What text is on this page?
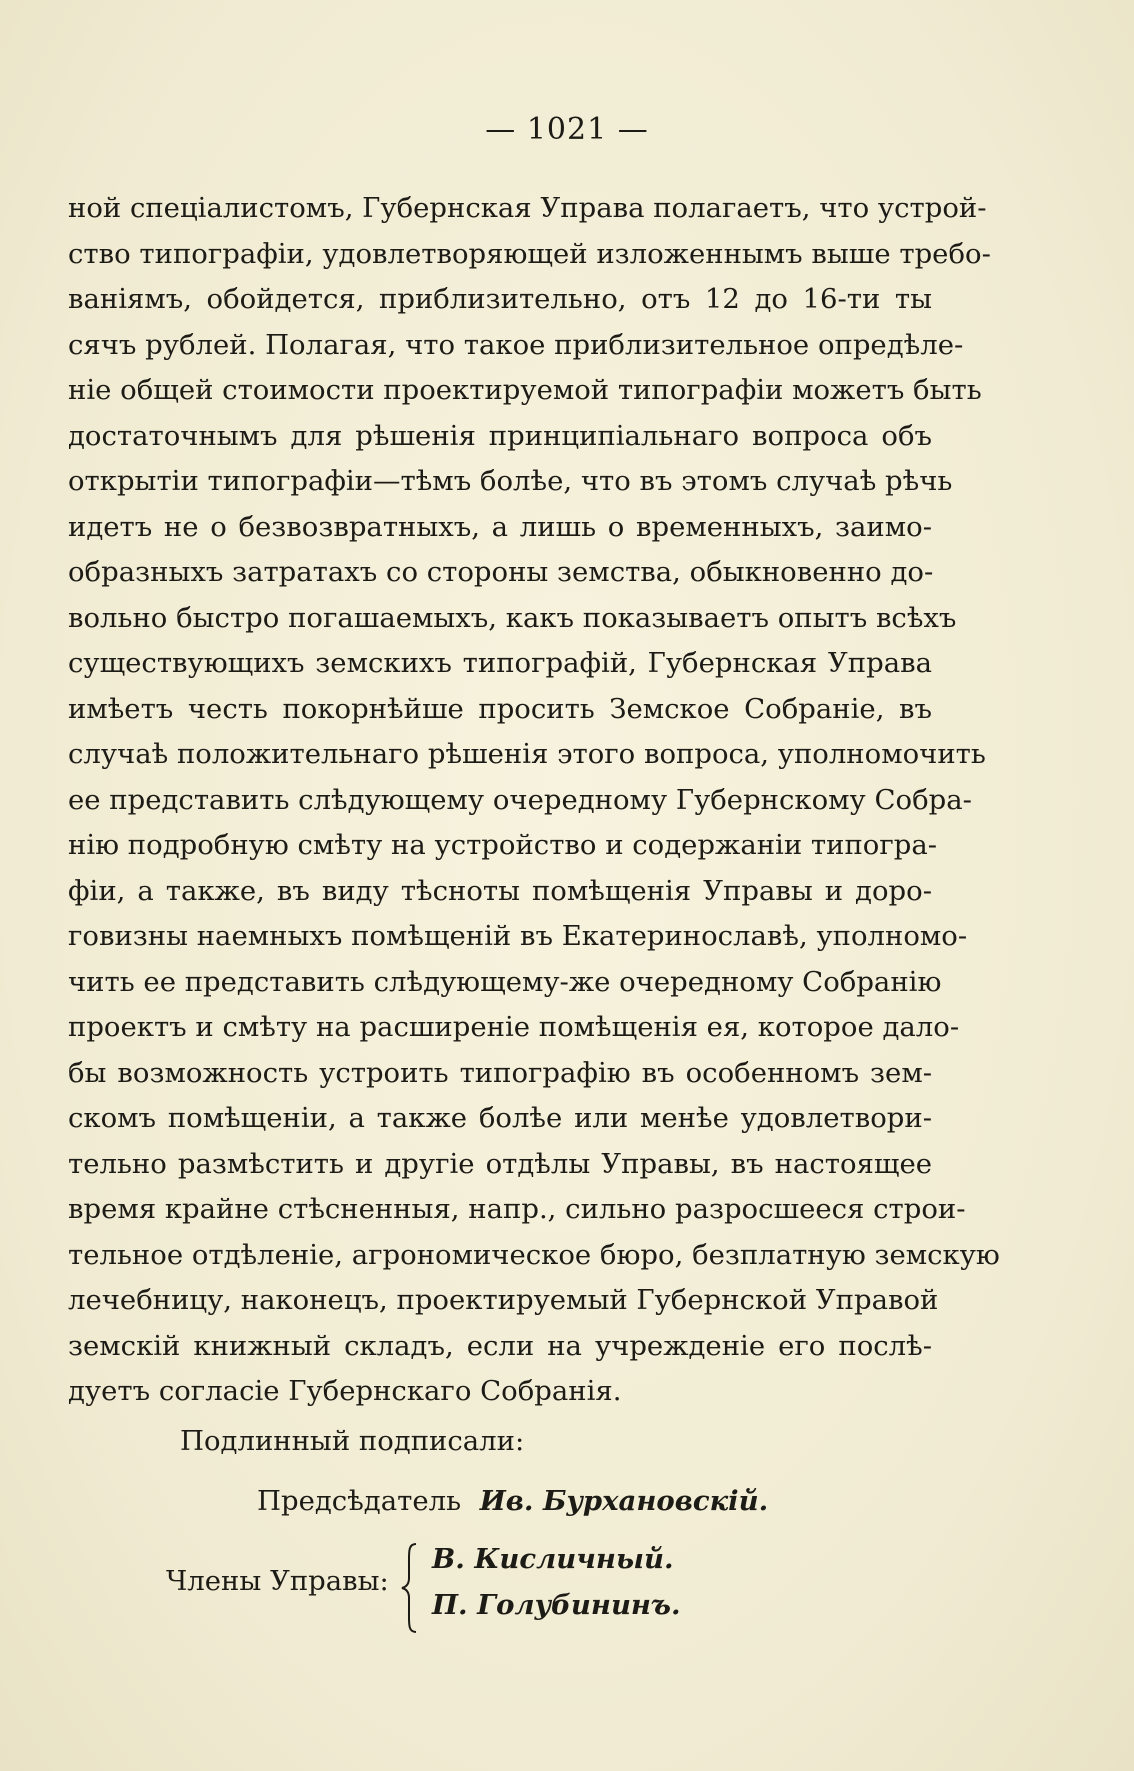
— 1021 —
ной спеціалистомъ, Губернская Управа полагаетъ, что устрой-
ство типографіи, удовлетворяющей изложеннымъ выше требо-
ваніямъ, обойдется, приблизительно, отъ 12 до 16-ти ты
сячъ рублей. Полагая, что такое приблизительное опредѣле-
ніе общей стоимости проектируемой типографіи можетъ быть
достаточнымъ для рѣшенія принципіальнаго вопроса объ
открытіи типографіи—тѣмъ болѣе, что въ этомъ случаѣ рѣчь
идетъ не о безвозвратныхъ, а лишь о временныхъ, заимо-
образныхъ затратахъ со стороны земства, обыкновенно до-
вольно быстро погашаемыхъ, какъ показываетъ опытъ всѣхъ
существующихъ земскихъ типографій, Губернская Управа
имѣетъ честь покорнѣйше просить Земское Собраніе, въ
случаѣ положительнаго рѣшенія этого вопроса, уполномочить
ее представить слѣдующему очередному Губернскому Собра-
нію подробную смѣту на устройство и содержаніи типогра-
фіи, а также, въ виду тѣсноты помѣщенія Управы и доро-
говизны наемныхъ помѣщеній въ Екатеринославѣ, уполномо-
чить ее представить слѣдующему-же очередному Собранію
проектъ и смѣту на расширеніе помѣщенія ея, которое дало-
бы возможность устроить типографію въ особенномъ зем-
скомъ помѣщеніи, а также болѣе или менѣе удовлетвори-
тельно размѣстить и другіе отдѣлы Управы, въ настоящее
время крайне стѣсненныя, напр., сильно разросшееся строи-
тельное отдѣленіе, агрономическое бюро, безплатную земскую
лечебницу, наконецъ, проектируемый Губернской Управой
земскій книжный складъ, если на учрежденіе его послѣ-
дуетъ согласіе Губернскаго Собранія.
Подлинный подписали:
Предсѣдатель Ив. Бурхановскій.
Члены Управы:
В. Кисличный.
П. Голубининъ.
